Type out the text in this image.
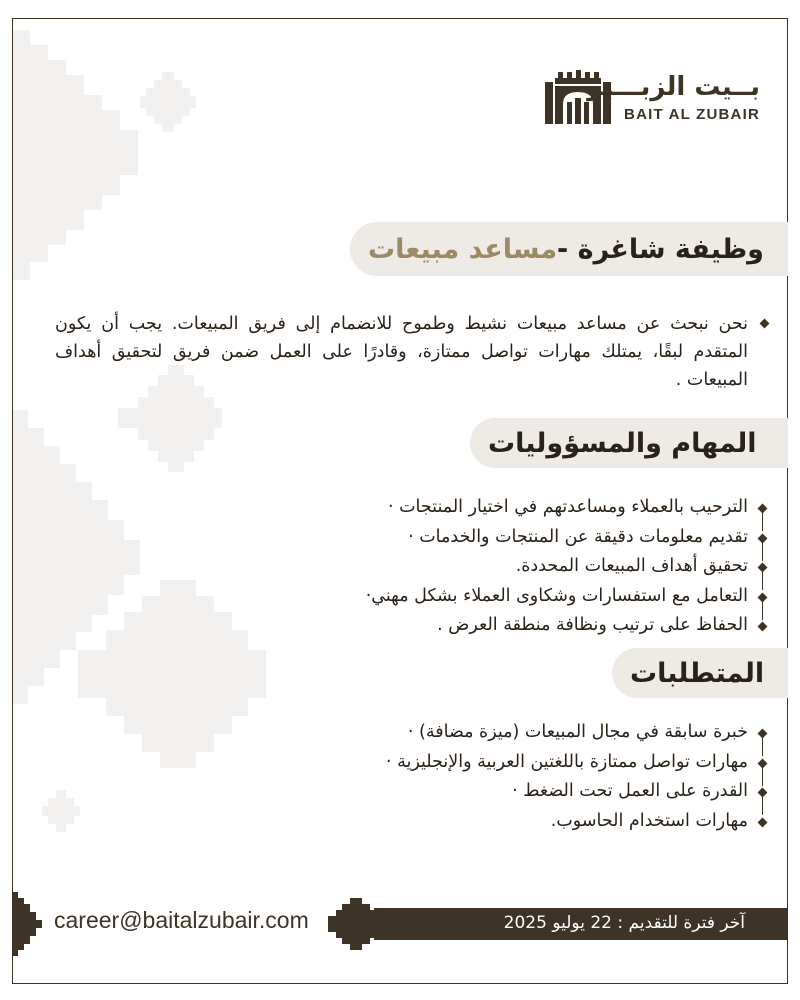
بــيت الزبـــير
BAIT AL ZUBAIR
وظيفة شاغرة -
مساعد مبيعات
نحن نبحث عن مساعد مبيعات نشيط وطموح للانضمام إلى فريق المبيعات. يجب أن يكون المتقدم لبقًا، يمتلك مهارات تواصل ممتازة، وقادرًا على العمل ضمن فريق لتحقيق أهداف المبيعات .
المهام والمسؤوليات
الترحيب بالعملاء ومساعدتهم في اختيار المنتجات ·
تقديم معلومات دقيقة عن المنتجات والخدمات ·
تحقيق أهداف المبيعات المحددة.
التعامل مع استفسارات وشكاوى العملاء بشكل مهني·
الحفاظ على ترتيب ونظافة منطقة العرض .
المتطلبات
خبرة سابقة في مجال المبيعات (ميزة مضافة) ·
مهارات تواصل ممتازة باللغتين العربية والإنجليزية ·
القدرة على العمل تحت الضغط ·
مهارات استخدام الحاسوب.
career@baitalzubair.com	آخر فترة للتقديم : 22 يوليو 2025
